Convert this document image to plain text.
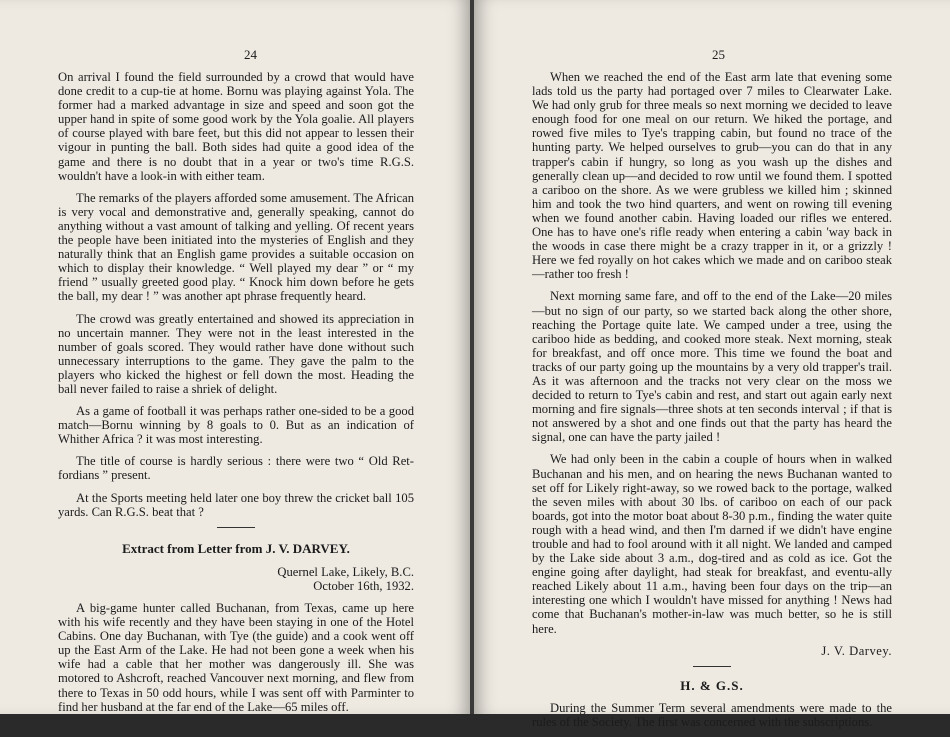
24

On arrival I found the field surrounded by a crowd that would have done credit to a cup-tie at home. Bornu was playing against Yola. The former had a marked advantage in size and speed and soon got the upper hand in spite of some good work by the Yola goalie. All players of course played with bare feet, but this did not appear to lessen their vigour in punting the ball. Both sides had quite a good idea of the game and there is no doubt that in a year or two's time R.G.S. wouldn't have a look-in with either team.

The remarks of the players afforded some amusement. The African is very vocal and demonstrative and, generally speaking, cannot do anything without a vast amount of talking and yelling. Of recent years the people have been initiated into the mysteries of English and they naturally think that an English game provides a suitable occasion on which to display their knowledge. “ Well played my dear ” or “ my friend ” usually greeted good play. “ Knock him down before he gets the ball, my dear ! ” was another apt phrase frequently heard.

The crowd was greatly entertained and showed its appreciation in no uncertain manner. They were not in the least interested in the number of goals scored. They would rather have done without such unnecessary interruptions to the game. They gave the palm to the players who kicked the highest or fell down the most. Heading the ball never failed to raise a shriek of delight.

As a game of football it was perhaps rather one-sided to be a good match—Bornu winning by 8 goals to 0. But as an indication of Whither Africa ? it was most interesting.

The title of course is hardly serious : there were two “ Old Ret-fordians ” present.

At the Sports meeting held later one boy threw the cricket ball 105 yards. Can R.G.S. beat that ?

Extract from Letter from J. V. DARVEY.
Quernel Lake, Likely, B.C.
October 16th, 1932.

A big-game hunter called Buchanan, from Texas, came up here with his wife recently and they have been staying in one of the Hotel Cabins. One day Buchanan, with Tye (the guide) and a cook went off up the East Arm of the Lake. He had not been gone a week when his wife had a cable that her mother was dangerously ill. She was motored to Ashcroft, reached Vancouver next morning, and flew from there to Texas in 50 odd hours, while I was sent off with Parminter to find her husband at the far end of the Lake—65 miles off.

25

When we reached the end of the East arm late that evening some lads told us the party had portaged over 7 miles to Clearwater Lake. We had only grub for three meals so next morning we decided to leave enough food for one meal on our return. We hiked the portage, and rowed five miles to Tye's trapping cabin, but found no trace of the hunting party. We helped ourselves to grub—you can do that in any trapper's cabin if hungry, so long as you wash up the dishes and generally clean up—and decided to row until we found them. I spotted a cariboo on the shore. As we were grubless we killed him ; skinned him and took the two hind quarters, and went on rowing till evening when we found another cabin. Having loaded our rifles we entered. One has to have one's rifle ready when entering a cabin 'way back in the woods in case there might be a crazy trapper in it, or a grizzly ! Here we fed royally on hot cakes which we made and on cariboo steak—rather too fresh !

Next morning same fare, and off to the end of the Lake—20 miles—but no sign of our party, so we started back along the other shore, reaching the Portage quite late. We camped under a tree, using the cariboo hide as bedding, and cooked more steak. Next morning, steak for breakfast, and off once more. This time we found the boat and tracks of our party going up the mountains by a very old trapper's trail. As it was afternoon and the tracks not very clear on the moss we decided to return to Tye's cabin and rest, and start out again early next morning and fire signals—three shots at ten seconds interval ; if that is not answered by a shot and one finds out that the party has heard the signal, one can have the party jailed !

We had only been in the cabin a couple of hours when in walked Buchanan and his men, and on hearing the news Buchanan wanted to set off for Likely right-away, so we rowed back to the portage, walked the seven miles with about 30 lbs. of cariboo on each of our pack boards, got into the motor boat about 8-30 p.m., finding the water quite rough with a head wind, and then I'm darned if we didn't have engine trouble and had to fool around with it all night. We landed and camped by the Lake side about 3 a.m., dog-tired and as cold as ice. Got the engine going after daylight, had steak for breakfast, and eventu-ally reached Likely about 11 a.m., having been four days on the trip—an interesting one which I wouldn't have missed for anything ! News had come that Buchanan's mother-in-law was much better, so he is still here.

J. V. Darvey.
H. & G.S.

During the Summer Term several amendments were made to the rules of the Society. The first was concerned with the subscriptions.
